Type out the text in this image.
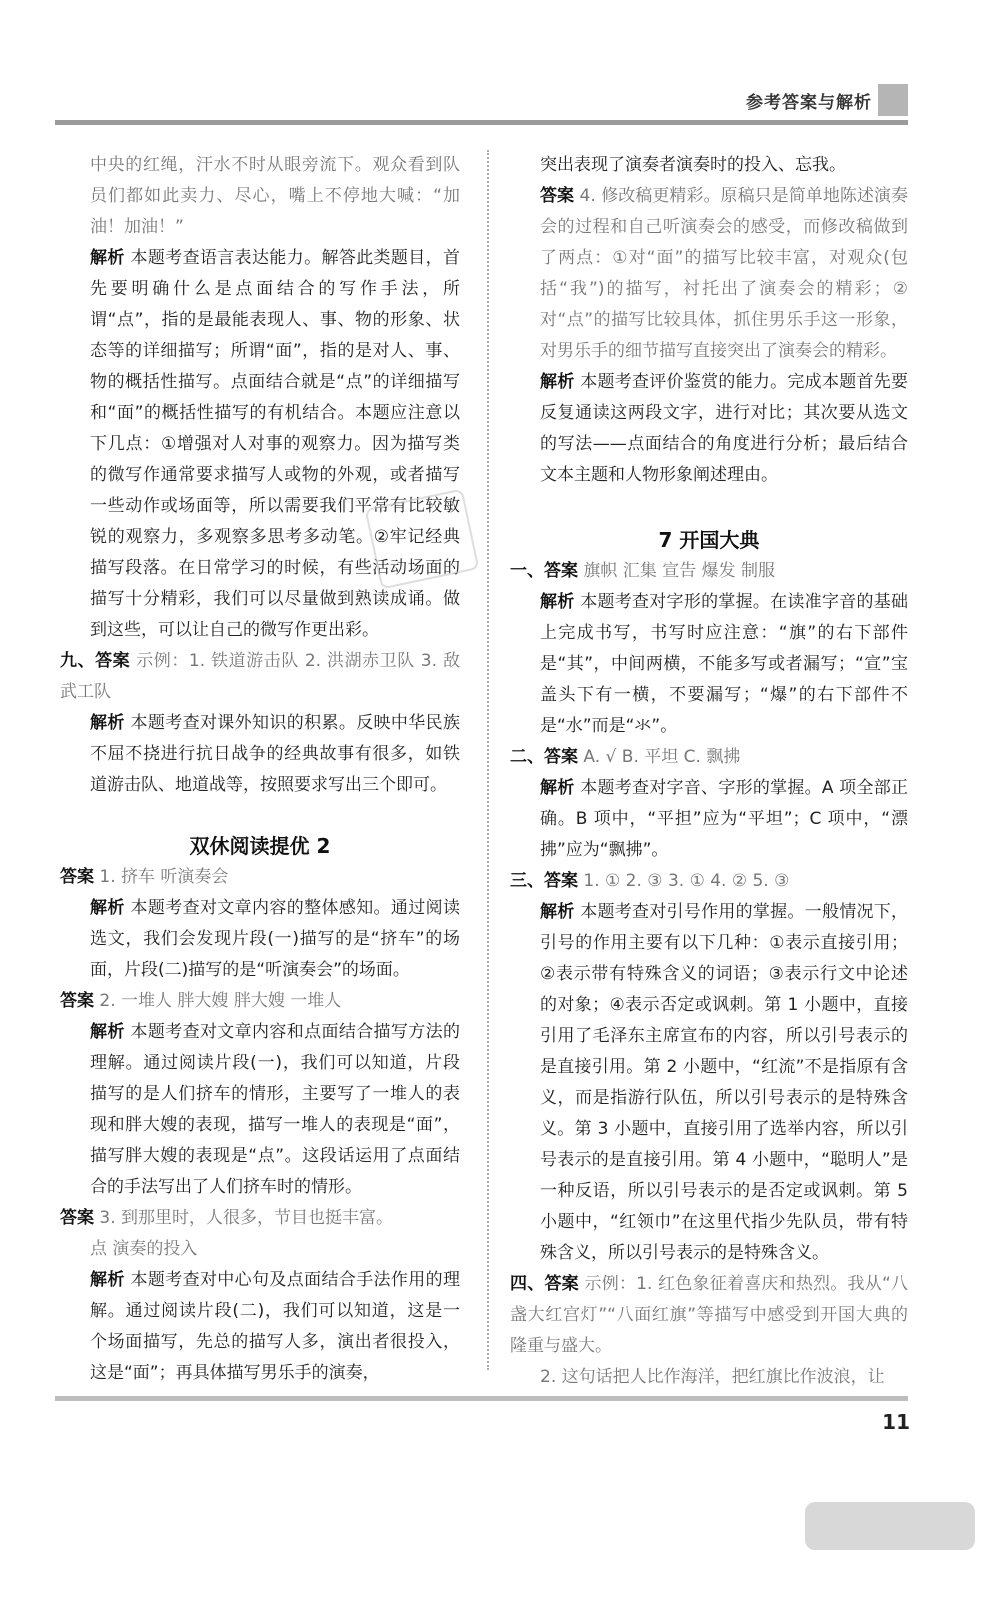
参考答案与解析

中央的红绳，汗水不时从眼旁流下。观众看到队员们都如此卖力、尽心，嘴上不停地大喊：“加油！加油！”

解析 本题考查语言表达能力。解答此类题目，首先要明确什么是点面结合的写作手法，所谓“点”，指的是最能表现人、事、物的形象、状态等的详细描写；所谓“面”，指的是对人、事、物的概括性描写。点面结合就是“点”的详细描写和“面”的概括性描写的有机结合。本题应注意以下几点：①增强对人对事的观察力。因为描写类的微写作通常要求描写人或物的外观，或者描写一些动作或场面等，所以需要我们平常有比较敏锐的观察力，多观察多思考多动笔。②牢记经典描写段落。在日常学习的时候，有些活动场面的描写十分精彩，我们可以尽量做到熟读成诵。做到这些，可以让自己的微写作更出彩。

九、答案 示例：1. 铁道游击队 2. 洪湖赤卫队 3. 敌武工队

解析 本题考查对课外知识的积累。反映中华民族不屈不挠进行抗日战争的经典故事有很多，如铁道游击队、地道战等，按照要求写出三个即可。

双休阅读提优 2

答案 1. 挤车 听演奏会

解析 本题考查对文章内容的整体感知。通过阅读选文，我们会发现片段(一)描写的是“挤车”的场面，片段(二)描写的是“听演奏会”的场面。

答案 2. 一堆人 胖大嫂 胖大嫂 一堆人

解析 本题考查对文章内容和点面结合描写方法的理解。通过阅读片段(一)，我们可以知道，片段描写的是人们挤车的情形，主要写了一堆人的表现和胖大嫂的表现，描写一堆人的表现是“面”，描写胖大嫂的表现是“点”。这段话运用了点面结合的手法写出了人们挤车时的情形。

答案 3. 到那里时，人很多，节目也挺丰富。

点 演奏的投入

解析 本题考查对中心句及点面结合手法作用的理解。通过阅读片段(二)，我们可以知道，这是一个场面描写，先总的描写人多，演出者很投入，这是“面”；再具体描写男乐手的演奏，

突出表现了演奏者演奏时的投入、忘我。

答案 4. 修改稿更精彩。原稿只是简单地陈述演奏会的过程和自己听演奏会的感受，而修改稿做到了两点：①对“面”的描写比较丰富，对观众(包括“我”)的描写，衬托出了演奏会的精彩；②对“点”的描写比较具体，抓住男乐手这一形象，对男乐手的细节描写直接突出了演奏会的精彩。

解析 本题考查评价鉴赏的能力。完成本题首先要反复通读这两段文字，进行对比；其次要从选文的写法——点面结合的角度进行分析；最后结合文本主题和人物形象阐述理由。

7 开国大典

一、答案 旗帜 汇集 宣告 爆发 制服

解析 本题考查对字形的掌握。在读准字音的基础上完成书写，书写时应注意：“旗”的右下部件是“其”，中间两横，不能多写或者漏写；“宣”宝盖头下有一横，不要漏写；“爆”的右下部件不是“水”而是“氺”。

二、答案 A. √ B. 平坦 C. 飘拂

解析 本题考查对字音、字形的掌握。A 项全部正确。B 项中，“平担”应为“平坦”；C 项中，“漂拂”应为“飘拂”。

三、答案 1. ① 2. ③ 3. ① 4. ② 5. ③

解析 本题考查对引号作用的掌握。一般情况下，引号的作用主要有以下几种：①表示直接引用；②表示带有特殊含义的词语；③表示行文中论述的对象；④表示否定或讽刺。第 1 小题中，直接引用了毛泽东主席宣布的内容，所以引号表示的是直接引用。第 2 小题中，“红流”不是指原有含义，而是指游行队伍，所以引号表示的是特殊含义。第 3 小题中，直接引用了选举内容，所以引号表示的是直接引用。第 4 小题中，“聪明人”是一种反语，所以引号表示的是否定或讽刺。第 5 小题中，“红领巾”在这里代指少先队员，带有特殊含义，所以引号表示的是特殊含义。

四、答案 示例：1. 红色象征着喜庆和热烈。我从“八盏大红宫灯”“八面红旗”等描写中感受到开国大典的隆重与盛大。

2. 这句话把人比作海洋，把红旗比作波浪，让

11
